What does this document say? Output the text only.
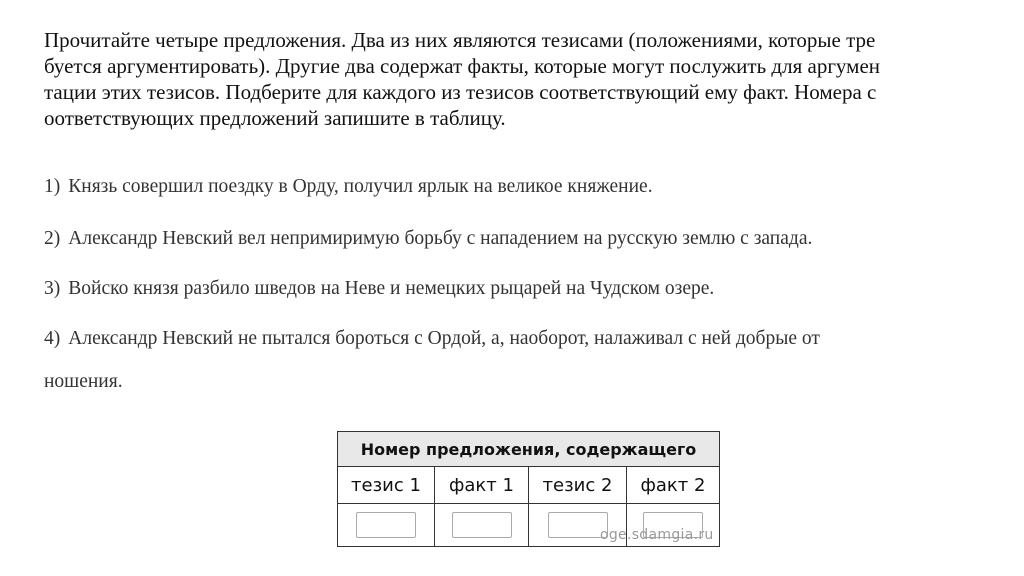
Прочитайте четыре предложения. Два из них являются тезисами (положениями, которые тре
буется аргументировать). Другие два содержат факты, которые могут послужить для аргумен
тации этих тезисов. Подберите для каждого из тезисов соответствующий ему факт. Номера с
оответствующих предложений запишите в таблицу.

1) Князь совершил поездку в Орду, получил ярлык на великое княжение.

2) Александр Невский вел непримиримую борьбу с нападением на русскую землю с запада.

3) Войско князя разбило шведов на Неве и немецких рыцарей на Чудском озере.

4) Александр Невский не пытался бороться с Ордой, а, наоборот, налаживал с ней добрые от

ношения.

Номер предложения, содержащего			
тезис 1	факт 1	тезис 2	факт 2

oge.sdamgia.ru
